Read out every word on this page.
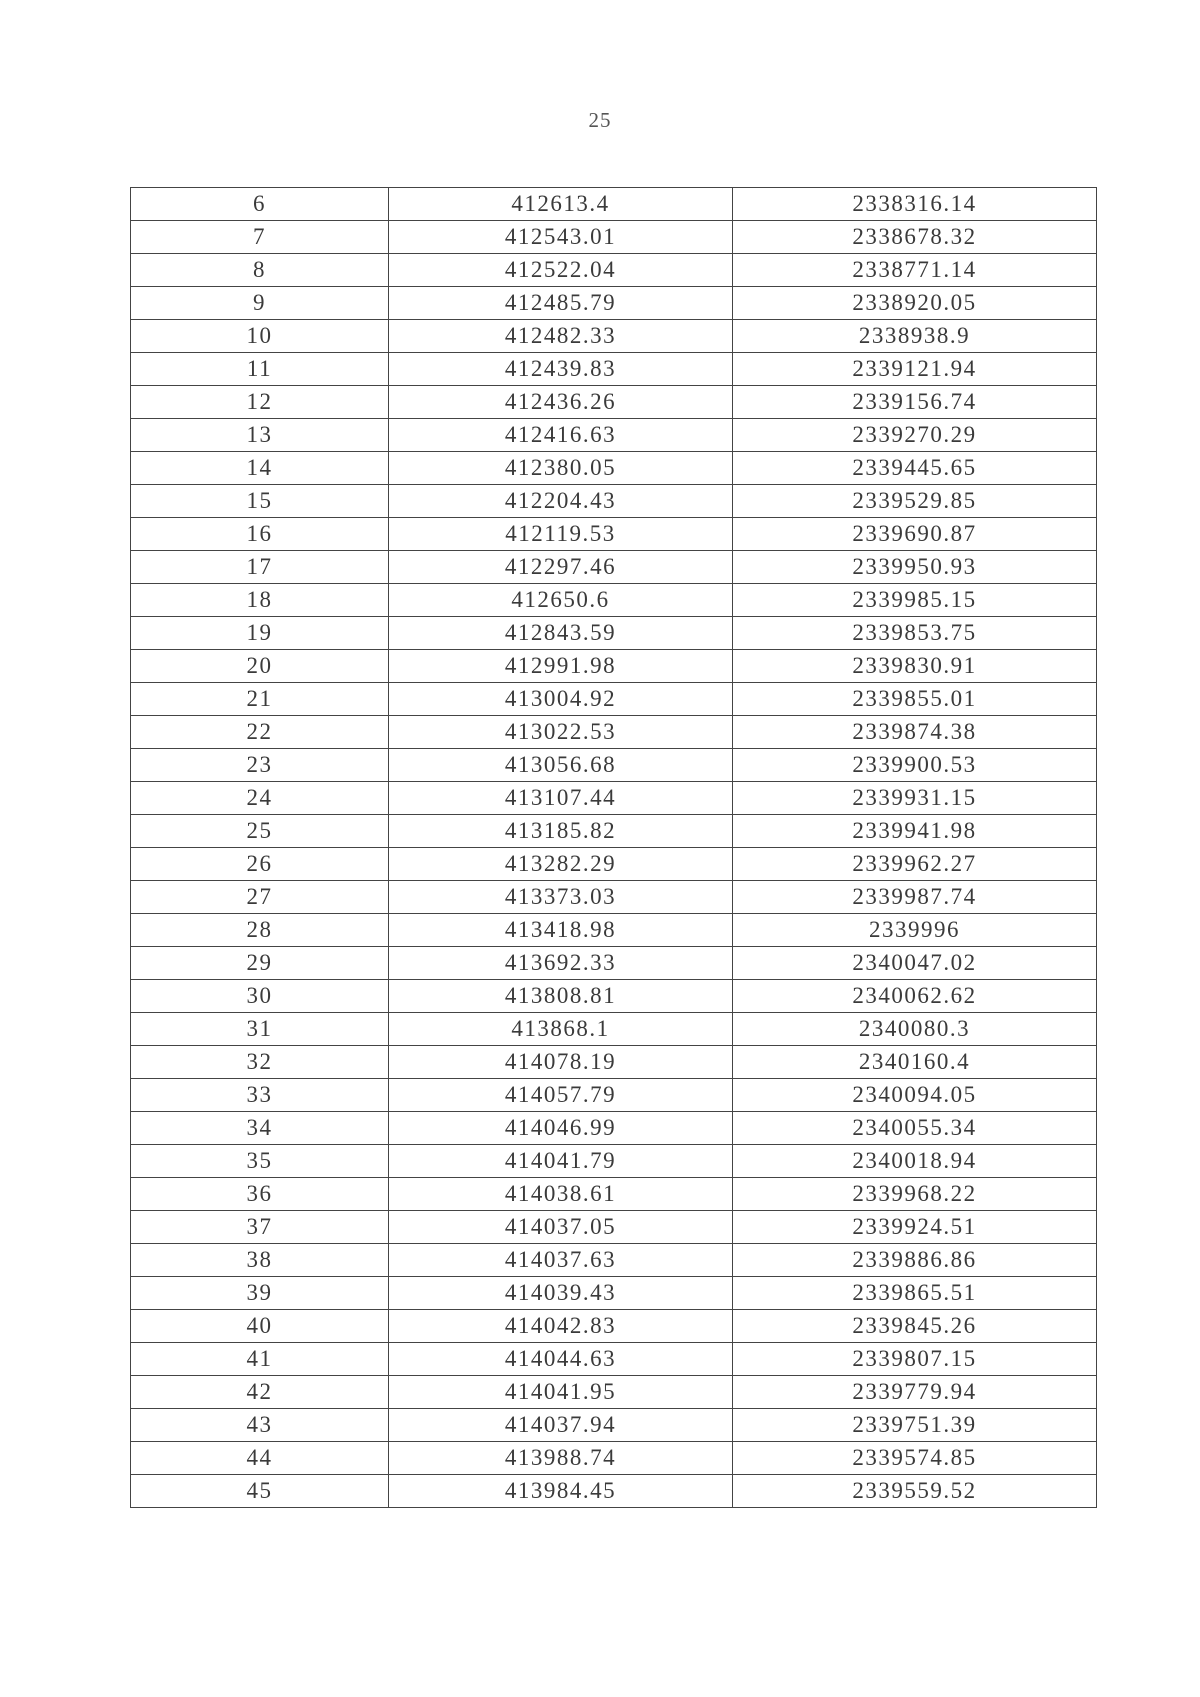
25
6	412613.4	2338316.14
7	412543.01	2338678.32
8	412522.04	2338771.14
9	412485.79	2338920.05
10	412482.33	2338938.9
11	412439.83	2339121.94
12	412436.26	2339156.74
13	412416.63	2339270.29
14	412380.05	2339445.65
15	412204.43	2339529.85
16	412119.53	2339690.87
17	412297.46	2339950.93
18	412650.6	2339985.15
19	412843.59	2339853.75
20	412991.98	2339830.91
21	413004.92	2339855.01
22	413022.53	2339874.38
23	413056.68	2339900.53
24	413107.44	2339931.15
25	413185.82	2339941.98
26	413282.29	2339962.27
27	413373.03	2339987.74
28	413418.98	2339996
29	413692.33	2340047.02
30	413808.81	2340062.62
31	413868.1	2340080.3
32	414078.19	2340160.4
33	414057.79	2340094.05
34	414046.99	2340055.34
35	414041.79	2340018.94
36	414038.61	2339968.22
37	414037.05	2339924.51
38	414037.63	2339886.86
39	414039.43	2339865.51
40	414042.83	2339845.26
41	414044.63	2339807.15
42	414041.95	2339779.94
43	414037.94	2339751.39
44	413988.74	2339574.85
45	413984.45	2339559.52
